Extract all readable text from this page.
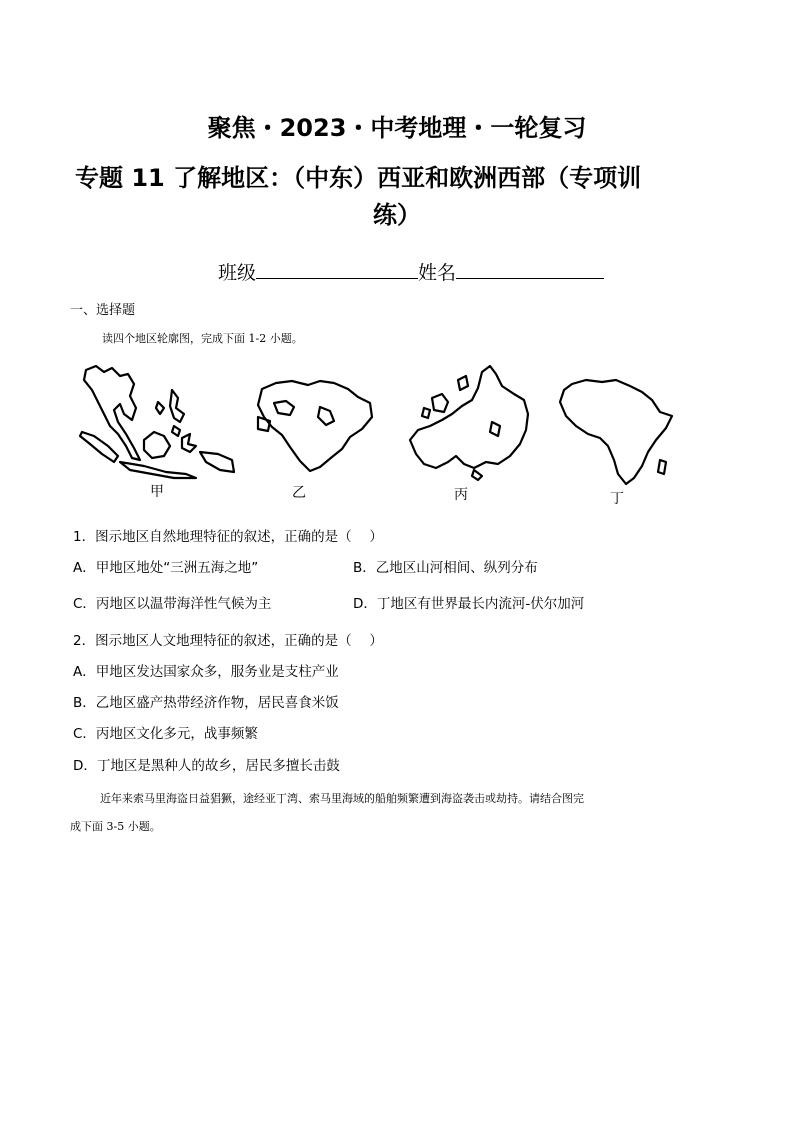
聚焦・2023・中考地理・一轮复习
专题 11 了解地区：（中东）西亚和欧洲西部（专项训
练）
班级	姓名
一、选择题
读四个地区轮廓图，完成下面 1-2 小题。
甲	乙	丙	丁
1．图示地区自然地理特征的叙述，正确的是（　 ）
A．甲地区地处“三洲五海之地”	B．乙地区山河相间、纵列分布
C．丙地区以温带海洋性气候为主	D．丁地区有世界最长内流河-伏尔加河
2．图示地区人文地理特征的叙述，正确的是（　 ）
A．甲地区发达国家众多，服务业是支柱产业
B．乙地区盛产热带经济作物，居民喜食米饭
C．丙地区文化多元，战事频繁
D．丁地区是黑种人的故乡，居民多擅长击鼓
近年来索马里海盗日益猖獗，途经亚丁湾、索马里海域的船舶频繁遭到海盗袭击或劫持。请结合图完
成下面 3-5 小题。
